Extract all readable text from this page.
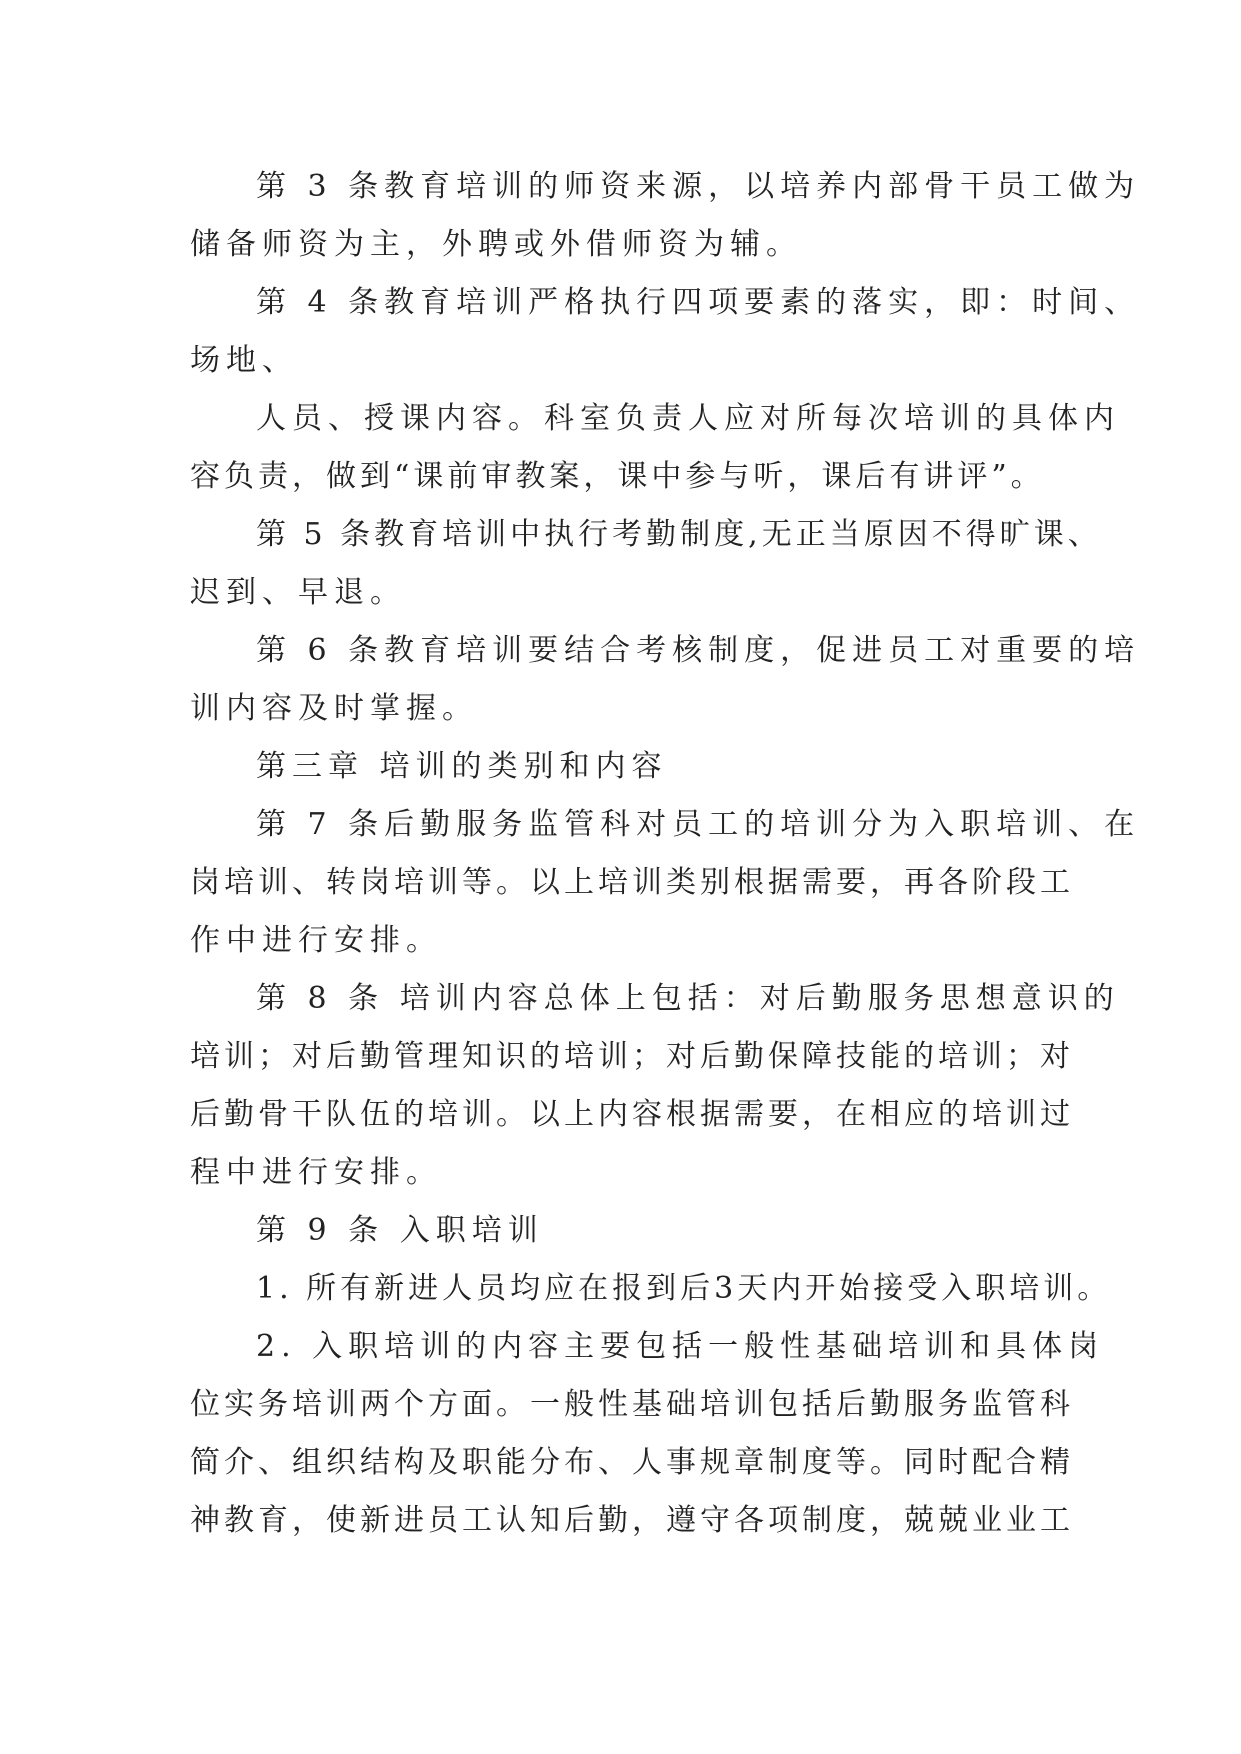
第 3 条教育培训的师资来源，以培养内部骨干员工做为
储备师资为主，外聘或外借师资为辅。
第 4 条教育培训严格执行四项要素的落实，即：时间、
场地、
人员、授课内容。科室负责人应对所每次培训的具体内
容负责，做到“课前审教案，课中参与听，课后有讲评”。
第 5 条教育培训中执行考勤制度,无正当原因不得旷课、
迟到、早退。
第 6 条教育培训要结合考核制度，促进员工对重要的培
训内容及时掌握。
第三章 培训的类别和内容
第 7 条后勤服务监管科对员工的培训分为入职培训、在
岗培训、转岗培训等。以上培训类别根据需要，再各阶段工
作中进行安排。
第 8 条 培训内容总体上包括：对后勤服务思想意识的
培训；对后勤管理知识的培训；对后勤保障技能的培训；对
后勤骨干队伍的培训。以上内容根据需要，在相应的培训过
程中进行安排。
第 9 条 入职培训
1. 所有新进人员均应在报到后3天内开始接受入职培训。
2. 入职培训的内容主要包括一般性基础培训和具体岗
位实务培训两个方面。一般性基础培训包括后勤服务监管科
简介、组织结构及职能分布、人事规章制度等。同时配合精
神教育，使新进员工认知后勤，遵守各项制度，兢兢业业工
